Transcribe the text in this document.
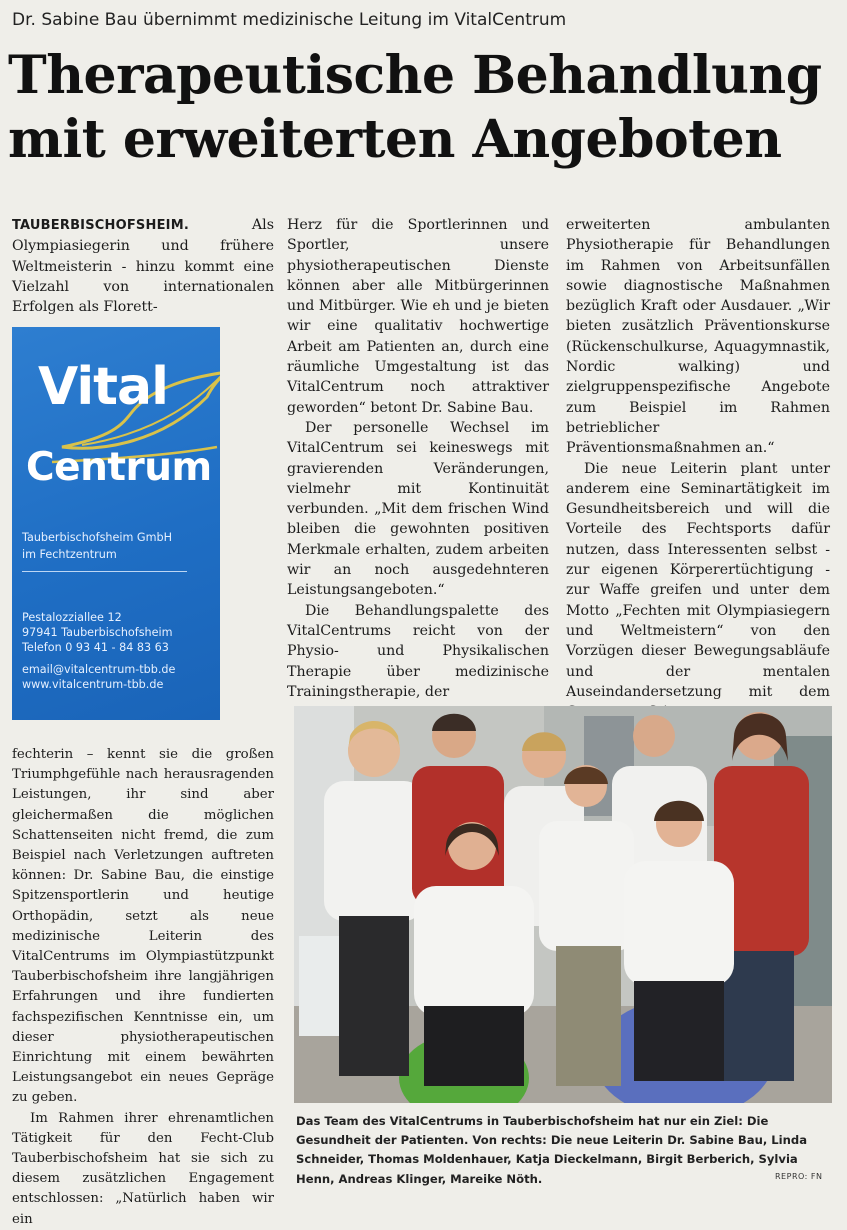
Dr. Sabine Bau übernimmt medizinische Leitung im VitalCentrum
Therapeutische Behandlung
mit erweiterten Angeboten

TAUBERBISCHOFSHEIM.	Als Olympiasiegerin und frühere Weltmeisterin - hinzu kommt eine Vielzahl von internationalen Erfolgen als Florett-

Vital
Centrum
Tauberbischofsheim GmbH
im Fechtzentrum
Pestalozziallee 12
97941 Tauberbischofsheim
Telefon 0 93 41 - 84 83 63
email@vitalcentrum-tbb.de
www.vitalcentrum-tbb.de

fechterin – kennt sie die großen Triumphgefühle nach herausragenden Leistungen, ihr sind aber gleichermaßen die möglichen Schattenseiten nicht fremd, die zum Beispiel nach Verletzungen auftreten können: Dr. Sabine Bau, die einstige Spitzensportlerin und heutige Orthopädin, setzt als neue medizinische Leiterin des VitalCentrums im Olympiastützpunkt Tauberbischofsheim ihre langjährigen Erfahrungen und ihre fundierten fachspezifischen Kenntnisse ein, um dieser physiotherapeutischen Einrichtung mit einem bewährten Leistungsangebot ein neues Gepräge zu geben.

Im Rahmen ihrer ehrenamtlichen Tätigkeit für den Fecht-Club Tauberbischofsheim hat sie sich zu diesem zusätzlichen Engagement entschlossen: „Natürlich haben wir ein

Herz für die Sportlerinnen und Sportler, unsere physiotherapeutischen Dienste können aber alle Mitbürgerinnen und Mitbürger. Wie eh und je bieten wir eine qualitativ hochwertige Arbeit am Patienten an, durch eine räumliche Umgestaltung ist das VitalCentrum noch attraktiver geworden“ betont Dr. Sabine Bau.

Der personelle Wechsel im VitalCentrum sei keineswegs mit gravierenden Veränderungen, vielmehr mit Kontinuität verbunden. „Mit dem frischen Wind bleiben die gewohnten positiven Merkmale erhalten, zudem arbeiten wir an noch ausgedehnteren Leistungsangeboten.“

Die Behandlungspalette des VitalCentrums reicht von der Physio- und Physikalischen Therapie über medizinische Trainingstherapie, der

erweiterten ambulanten Physiotherapie für Behandlungen im Rahmen von Arbeitsunfällen sowie diagnostische Maßnahmen bezüglich Kraft oder Ausdauer. „Wir bieten zusätzlich Präventionskurse (Rückenschulkurse, Aquagymnastik, Nordic walking) und zielgruppenspezifische Angebote zum Beispiel im Rahmen betrieblicher Präventionsmaßnahmen an.“

Die neue Leiterin plant unter anderem eine Seminartätigkeit im Gesundheitsbereich und will die Vorteile des Fechtsports dafür nutzen, dass Interessenten selbst - zur eigenen Körperertüchtigung - zur Waffe greifen und unter dem Motto „Fechten mit Olympiasiegern und Weltmeistern“ von den Vorzügen dieser Bewegungsabläufe und der mentalen Auseindandersetzung mit dem

Das Team des VitalCentrums in Tauberbischofsheim hat nur ein Ziel: Die Gesundheit der Patienten. Von rechts: Die neue Leiterin Dr. Sabine Bau, Linda Schneider, Thomas Moldenhauer, Katja Dieckelmann, Birgit Berberich, Sylvia Henn, Andreas Klinger, Mareike Nöth.	REPRO: FN
